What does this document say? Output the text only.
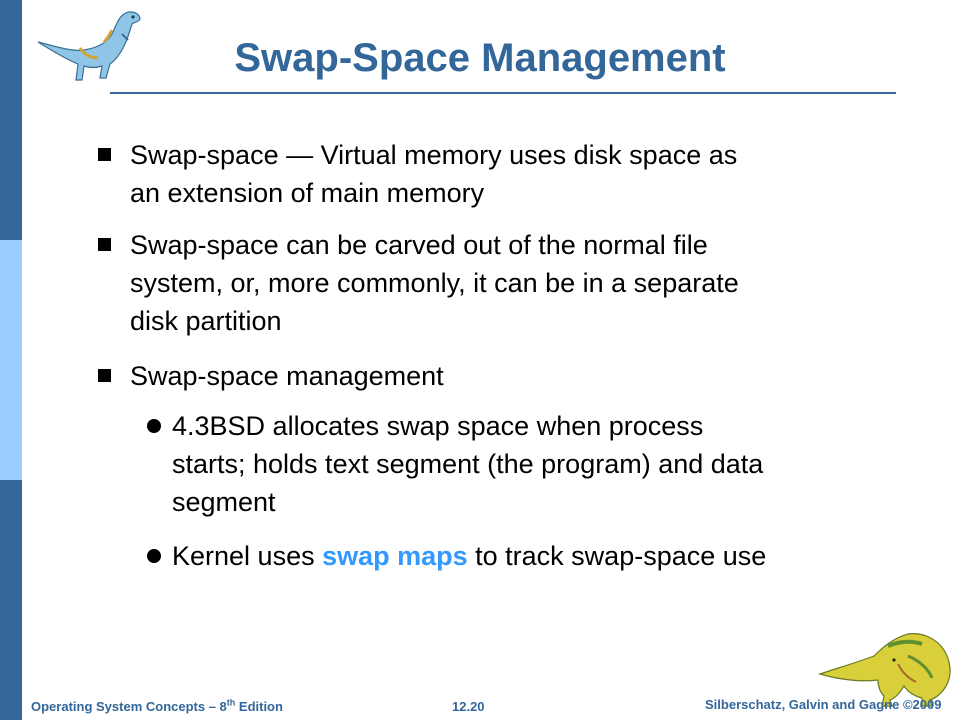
Swap-Space Management
Swap-space — Virtual memory uses disk space as
an extension of main memory
Swap-space can be carved out of the normal file
system, or, more commonly, it can be in a separate
disk partition
Swap-space management
4.3BSD allocates swap space when process
starts; holds text segment (the program) and data
segment
Kernel uses swap maps to track swap-space use
Operating System Concepts – 8th Edition	12.20	Silberschatz, Galvin and Gagne ©2009
